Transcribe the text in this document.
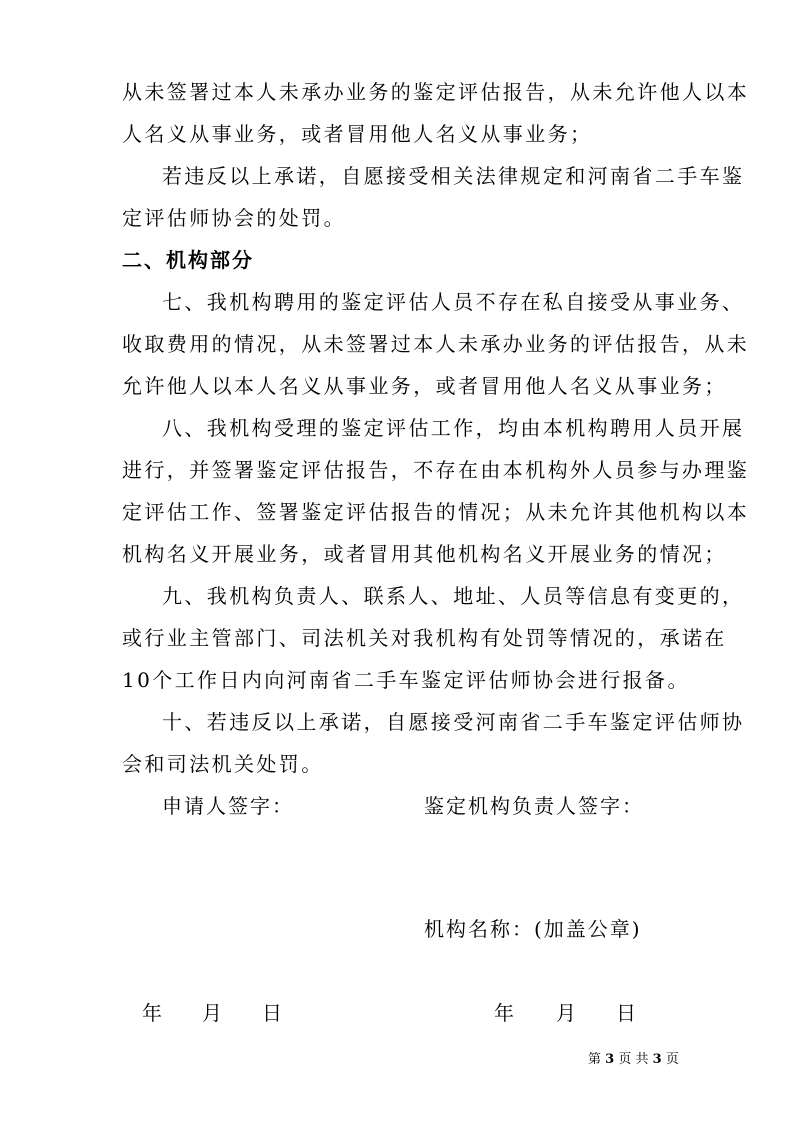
从未签署过本人未承办业务的鉴定评估报告，从未允许他人以本
人名义从事业务，或者冒用他人名义从事业务；
若违反以上承诺，自愿接受相关法律规定和河南省二手车鉴
定评估师协会的处罚。
二、机构部分
七、我机构聘用的鉴定评估人员不存在私自接受从事业务、
收取费用的情况，从未签署过本人未承办业务的评估报告，从未
允许他人以本人名义从事业务，或者冒用他人名义从事业务；
八、我机构受理的鉴定评估工作，均由本机构聘用人员开展
进行，并签署鉴定评估报告，不存在由本机构外人员参与办理鉴
定评估工作、签署鉴定评估报告的情况；从未允许其他机构以本
机构名义开展业务，或者冒用其他机构名义开展业务的情况；
九、我机构负责人、联系人、地址、人员等信息有变更的，
或行业主管部门、司法机关对我机构有处罚等情况的，承诺在
10个工作日内向河南省二手车鉴定评估师协会进行报备。
十、若违反以上承诺，自愿接受河南省二手车鉴定评估师协
会和司法机关处罚。
申请人签字：	鉴定机构负责人签字：
机构名称：(加盖公章)
年 月 日	年 月 日
第 3 页 共 3 页
